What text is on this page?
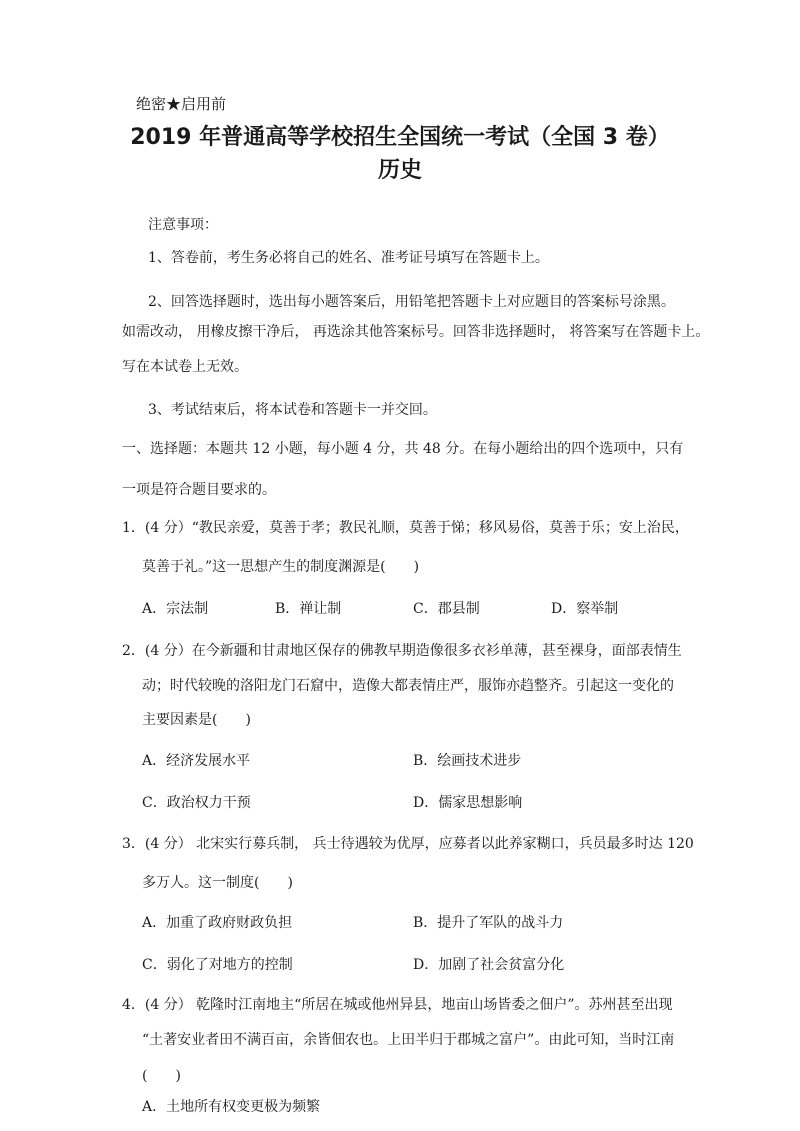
绝密★启用前
2019 年普通高等学校招生全国统一考试（全国 3 卷）
历史
注意事项：
1、答卷前，考生务必将自己的姓名、准考证号填写在答题卡上。
2、回答选择题时，选出每小题答案后，用铅笔把答题卡上对应题目的答案标号涂黑。
如需改动， 用橡皮擦干净后， 再选涂其他答案标号。回答非选择题时， 将答案写在答题卡上。
写在本试卷上无效。
3、考试结束后，将本试卷和答题卡一并交回。
一、选择题：本题共 12 小题，每小题 4 分，共 48 分。在每小题给出的四个选项中，只有
一项是符合题目要求的。
1．(4 分）“教民亲爱，莫善于孝；教民礼顺，莫善于悌；移风易俗，莫善于乐；安上治民，
莫善于礼。”这一思想产生的制度渊源是(　　)
A．宗法制	B．禅让制	C．郡县制	D．察举制
2．(4 分）在今新疆和甘肃地区保存的佛教早期造像很多衣衫单薄，甚至裸身，面部表情生
动；时代较晚的洛阳龙门石窟中，造像大都表情庄严，服饰亦趋整齐。引起这一变化的
主要因素是(　　)
A．经济发展水平	B．绘画技术进步
C．政治权力干预	D．儒家思想影响
3．(4 分） 北宋实行募兵制， 兵士待遇较为优厚，应募者以此养家糊口，兵员最多时达 120
多万人。这一制度(　　)
A．加重了政府财政负担	B．提升了军队的战斗力
C．弱化了对地方的控制	D．加剧了社会贫富分化
4．(4 分） 乾隆时江南地主“所居在城或他州异县，地亩山场皆委之佃户”。苏州甚至出现
“土著安业者田不满百亩，余皆佃农也。上田半归于郡城之富户”。由此可知，当时江南
(　　)
A．土地所有权变更极为频繁
